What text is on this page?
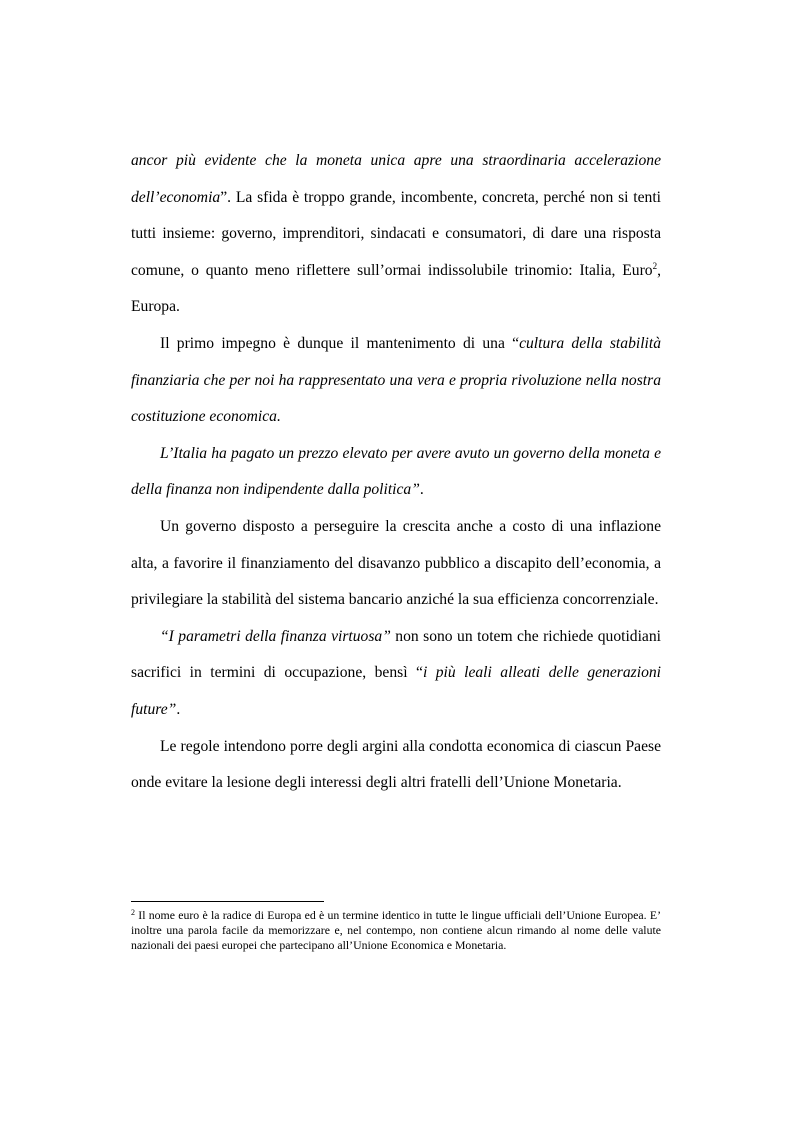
ancor più evidente che la moneta unica apre una straordinaria accelerazione dell’economia”. La sfida è troppo grande, incombente, concreta, perché non si tenti tutti insieme: governo, imprenditori, sindacati e consumatori, di dare una risposta comune, o quanto meno riflettere sull’ormai indissolubile trinomio: Italia, Euro$^2$, Europa.

Il primo impegno è dunque il mantenimento di una “cultura della stabilità finanziaria che per noi ha rappresentato una vera e propria rivoluzione nella nostra costituzione economica.

L’Italia ha pagato un prezzo elevato per avere avuto un governo della moneta e della finanza non indipendente dalla politica”.

Un governo disposto a perseguire la crescita anche a costo di una inflazione alta, a favorire il finanziamento del disavanzo pubblico a discapito dell’economia, a privilegiare la stabilità del sistema bancario anziché la sua efficienza concorrenziale.

“I parametri della finanza virtuosa” non sono un totem che richiede quotidiani sacrifici in termini di occupazione, bensì “i più leali alleati delle generazioni future”.

Le regole intendono porre degli argini alla condotta economica di ciascun Paese onde evitare la lesione degli interessi degli altri fratelli dell’Unione Monetaria.

$^2$ Il nome euro è la radice di Europa ed è un termine identico in tutte le lingue ufficiali dell’Unione Europea. E’ inoltre una parola facile da memorizzare e, nel contempo, non contiene alcun rimando al nome delle valute nazionali dei paesi europei che partecipano all’Unione Economica e Monetaria.
